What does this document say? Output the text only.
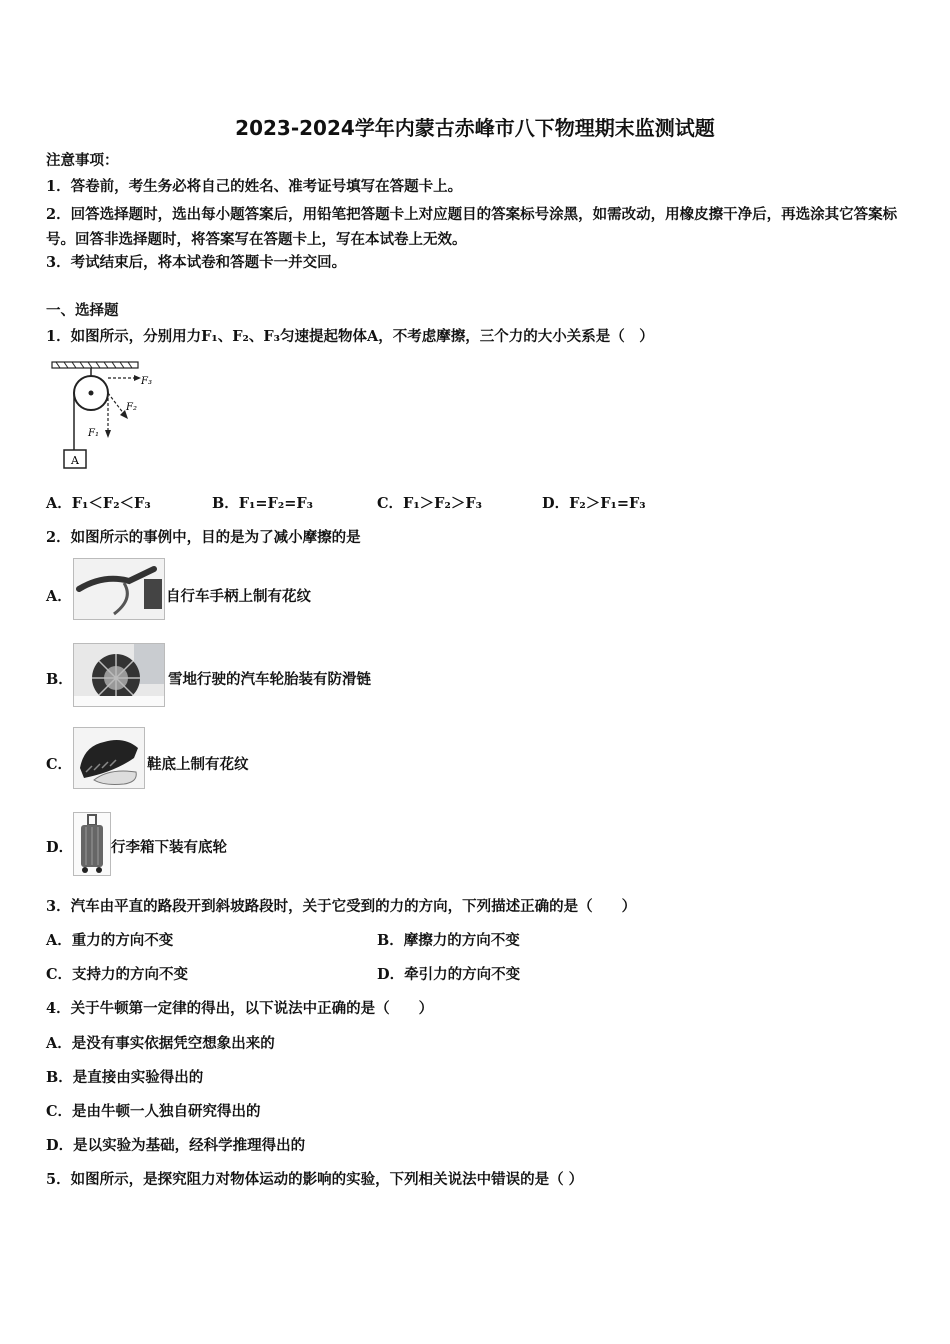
2023-2024学年内蒙古赤峰市八下物理期末监测试题
注意事项：
1．答卷前，考生务必将自己的姓名、准考证号填写在答题卡上。
2．回答选择题时，选出每小题答案后，用铅笔把答题卡上对应题目的答案标号涂黑，如需改动，用橡皮擦干净后，再选涂其它答案标号。回答非选择题时，将答案写在答题卡上，写在本试卷上无效。
3．考试结束后，将本试卷和答题卡一并交回。
一、选择题
1．如图所示，分别用力F₁、F₂、F₃匀速提起物体A，不考虑摩擦，三个力的大小关系是（　）
A
F₃
F₂
F₁
A．F₁＜F₂＜F₃	B．F₁=F₂=F₃	C．F₁＞F₂＞F₃	D．F₂＞F₁=F₃
2．如图所示的事例中，目的是为了减小摩擦的是
A．	自行车手柄上制有花纹
B．	雪地行驶的汽车轮胎装有防滑链
C．	鞋底上制有花纹
D．	行李箱下装有底轮
3．汽车由平直的路段开到斜坡路段时，关于它受到的力的方向，下列描述正确的是（　　）
A．重力的方向不变	B．摩擦力的方向不变
C．支持力的方向不变	D．牵引力的方向不变
4．关于牛顿第一定律的得出，以下说法中正确的是（　　）
A．是没有事实依据凭空想象出来的
B．是直接由实验得出的
C．是由牛顿一人独自研究得出的
D．是以实验为基础，经科学推理得出的
5．如图所示，是探究阻力对物体运动的影响的实验，下列相关说法中错误的是（ ）
